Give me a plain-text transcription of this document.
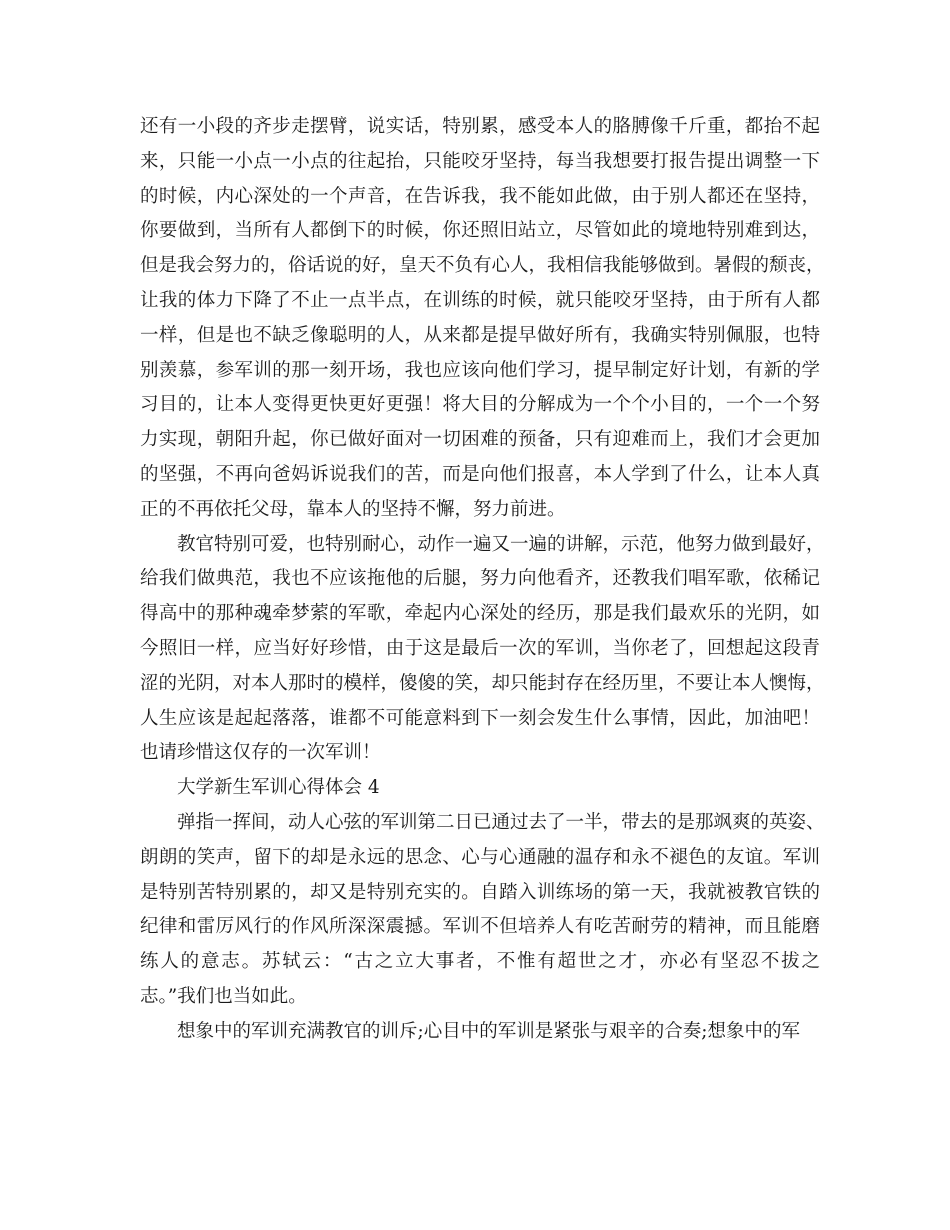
还有一小段的齐步走摆臂，说实话，特别累，感受本人的胳膊像千斤重，都抬不起
来，只能一小点一小点的往起抬，只能咬牙坚持，每当我想要打报告提出调整一下
的时候，内心深处的一个声音，在告诉我，我不能如此做，由于别人都还在坚持，
你要做到，当所有人都倒下的时候，你还照旧站立，尽管如此的境地特别难到达，
但是我会努力的，俗话说的好，皇天不负有心人，我相信我能够做到。暑假的颓丧，
让我的体力下降了不止一点半点，在训练的时候，就只能咬牙坚持，由于所有人都
一样，但是也不缺乏像聪明的人，从来都是提早做好所有，我确实特别佩服，也特
别羡慕，参军训的那一刻开场，我也应该向他们学习，提早制定好计划，有新的学
习目的，让本人变得更快更好更强！将大目的分解成为一个个小目的，一个一个努
力实现，朝阳升起，你已做好面对一切困难的预备，只有迎难而上，我们才会更加
的坚强，不再向爸妈诉说我们的苦，而是向他们报喜，本人学到了什么，让本人真
正的不再依托父母，靠本人的坚持不懈，努力前进。
教官特别可爱，也特别耐心，动作一遍又一遍的讲解，示范，他努力做到最好，
给我们做典范，我也不应该拖他的后腿，努力向他看齐，还教我们唱军歌，依稀记
得高中的那种魂牵梦萦的军歌，牵起内心深处的经历，那是我们最欢乐的光阴，如
今照旧一样，应当好好珍惜，由于这是最后一次的军训，当你老了，回想起这段青
涩的光阴，对本人那时的模样，傻傻的笑，却只能封存在经历里，不要让本人懊悔，
人生应该是起起落落，谁都不可能意料到下一刻会发生什么事情，因此，加油吧！
也请珍惜这仅存的一次军训！
大学新生军训心得体会 4
弹指一挥间，动人心弦的军训第二日已通过去了一半，带去的是那飒爽的英姿、
朗朗的笑声，留下的却是永远的思念、心与心通融的温存和永不褪色的友谊。军训
是特别苦特别累的，却又是特别充实的。自踏入训练场的第一天，我就被教官铁的
纪律和雷厉风行的作风所深深震撼。军训不但培养人有吃苦耐劳的精神，而且能磨
练人的意志。苏轼云：“古之立大事者，不惟有超世之才，亦必有坚忍不拔之
志。”我们也当如此。
想象中的军训充满教官的训斥;心目中的军训是紧张与艰辛的合奏;想象中的军
